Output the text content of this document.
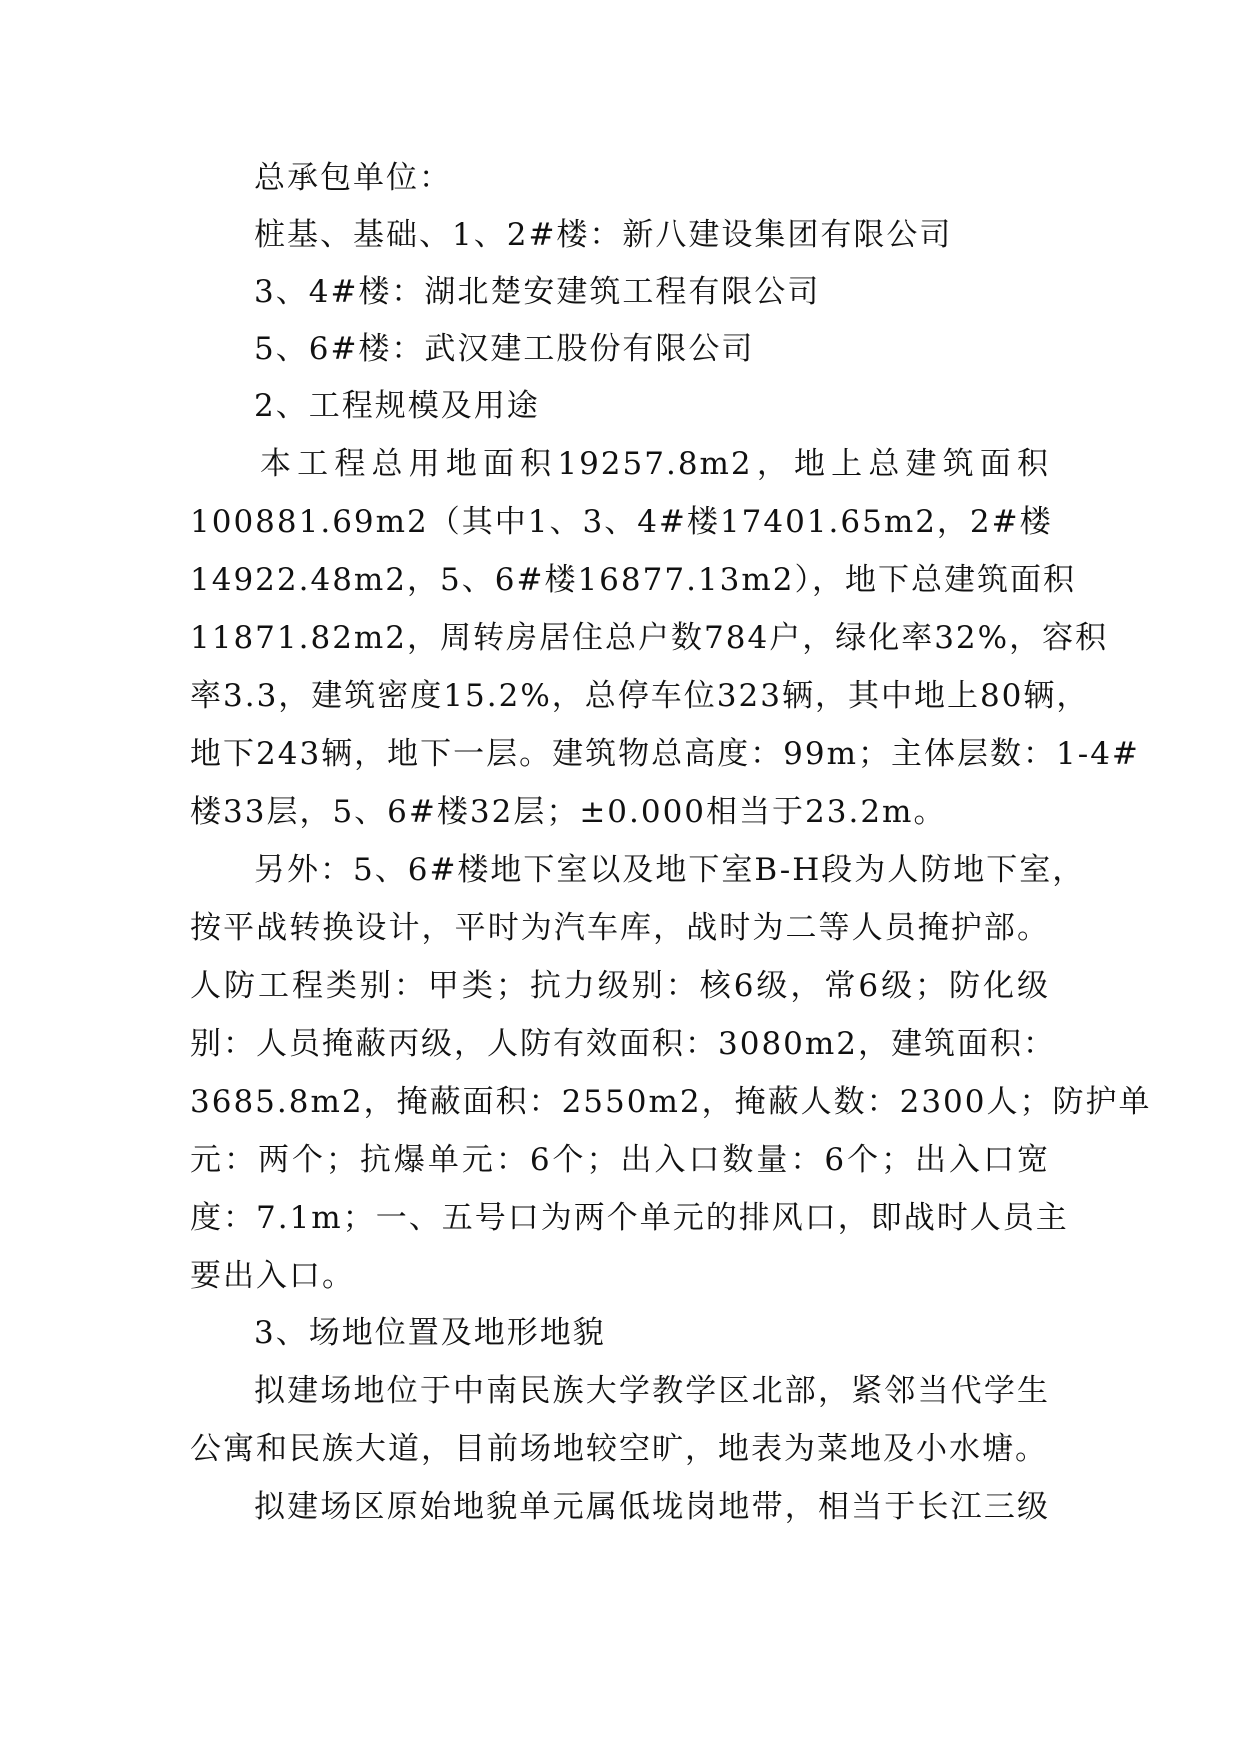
总承包单位：
桩基、基础、1、2#楼：新八建设集团有限公司
3、4#楼：湖北楚安建筑工程有限公司
5、6#楼：武汉建工股份有限公司
2、工程规模及用途
本工程总用地面积19257.8m2，地上总建筑面积
100881.69m2（其中1、3、4#楼17401.65m2，2#楼
14922.48m2，5、6#楼16877.13m2），地下总建筑面积
11871.82m2，周转房居住总户数784户，绿化率32%，容积
率3.3，建筑密度15.2%，总停车位323辆，其中地上80辆，
地下243辆，地下一层。建筑物总高度：99m；主体层数：1-4#
楼33层，5、6#楼32层；±0.000相当于23.2m。
另外：5、6#楼地下室以及地下室B-H段为人防地下室，
按平战转换设计，平时为汽车库，战时为二等人员掩护部。
人防工程类别：甲类；抗力级别：核6级，常6级；防化级
别：人员掩蔽丙级，人防有效面积：3080m2，建筑面积：
3685.8m2，掩蔽面积：2550m2，掩蔽人数：2300人；防护单
元：两个；抗爆单元：6个；出入口数量：6个；出入口宽
度：7.1m；一、五号口为两个单元的排风口，即战时人员主
要出入口。
3、场地位置及地形地貌
拟建场地位于中南民族大学教学区北部，紧邻当代学生
公寓和民族大道，目前场地较空旷，地表为菜地及小水塘。
拟建场区原始地貌单元属低垅岗地带，相当于长江三级
